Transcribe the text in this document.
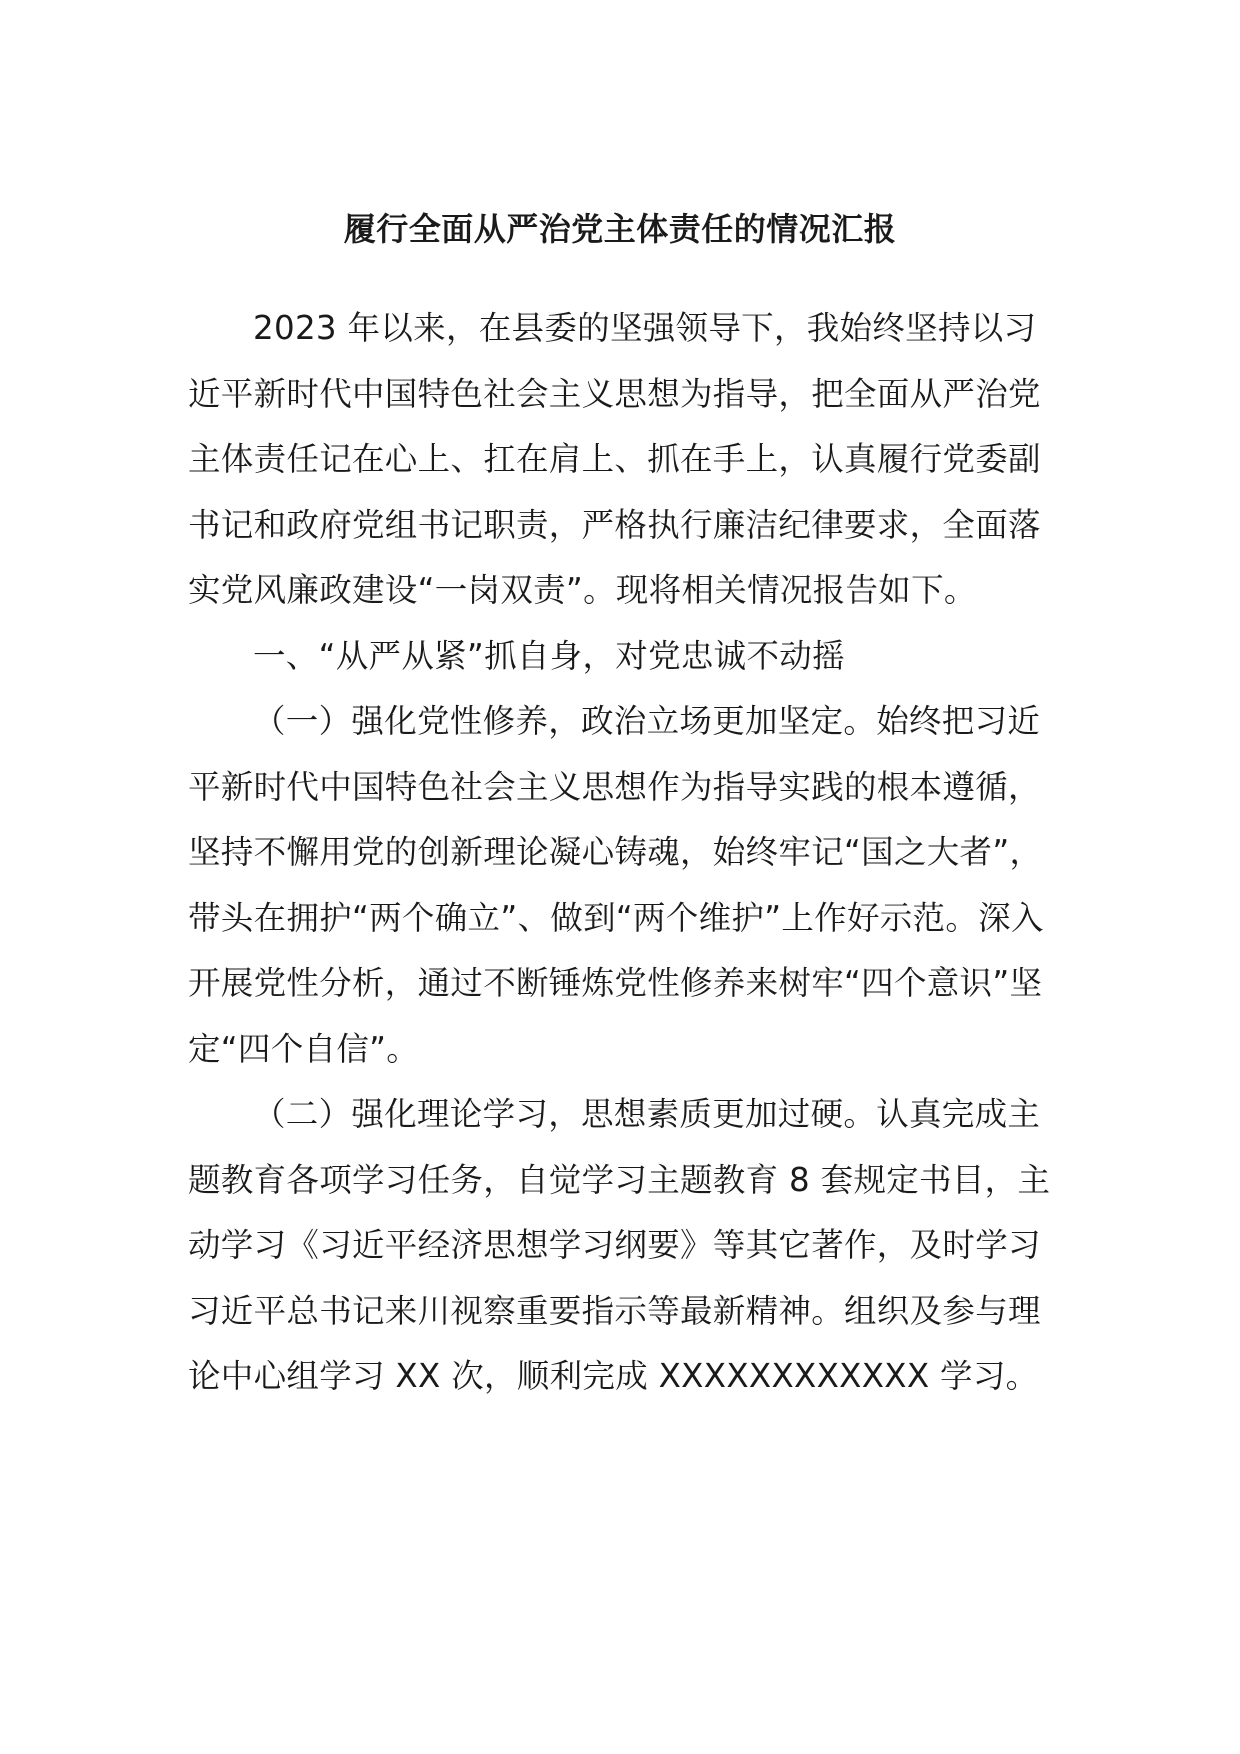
履行全面从严治党主体责任的情况汇报

2023 年以来，在县委的坚强领导下，我始终坚持以习近平新时代中国特色社会主义思想为指导，把全面从严治党主体责任记在心上、扛在肩上、抓在手上，认真履行党委副书记和政府党组书记职责，严格执行廉洁纪律要求，全面落实党风廉政建设“一岗双责”。现将相关情况报告如下。

一、“从严从紧”抓自身，对党忠诚不动摇

（一）强化党性修养，政治立场更加坚定。始终把习近平新时代中国特色社会主义思想作为指导实践的根本遵循，坚持不懈用党的创新理论凝心铸魂，始终牢记“国之大者”，带头在拥护“两个确立”、做到“两个维护”上作好示范。深入开展党性分析，通过不断锤炼党性修养来树牢“四个意识”坚定“四个自信”。

（二）强化理论学习，思想素质更加过硬。认真完成主题教育各项学习任务，自觉学习主题教育 8 套规定书目，主动学习《习近平经济思想学习纲要》等其它著作，及时学习习近平总书记来川视察重要指示等最新精神。组织及参与理论中心组学习 XX 次，顺利完成 XXXXXXXXXXXX 学习。
